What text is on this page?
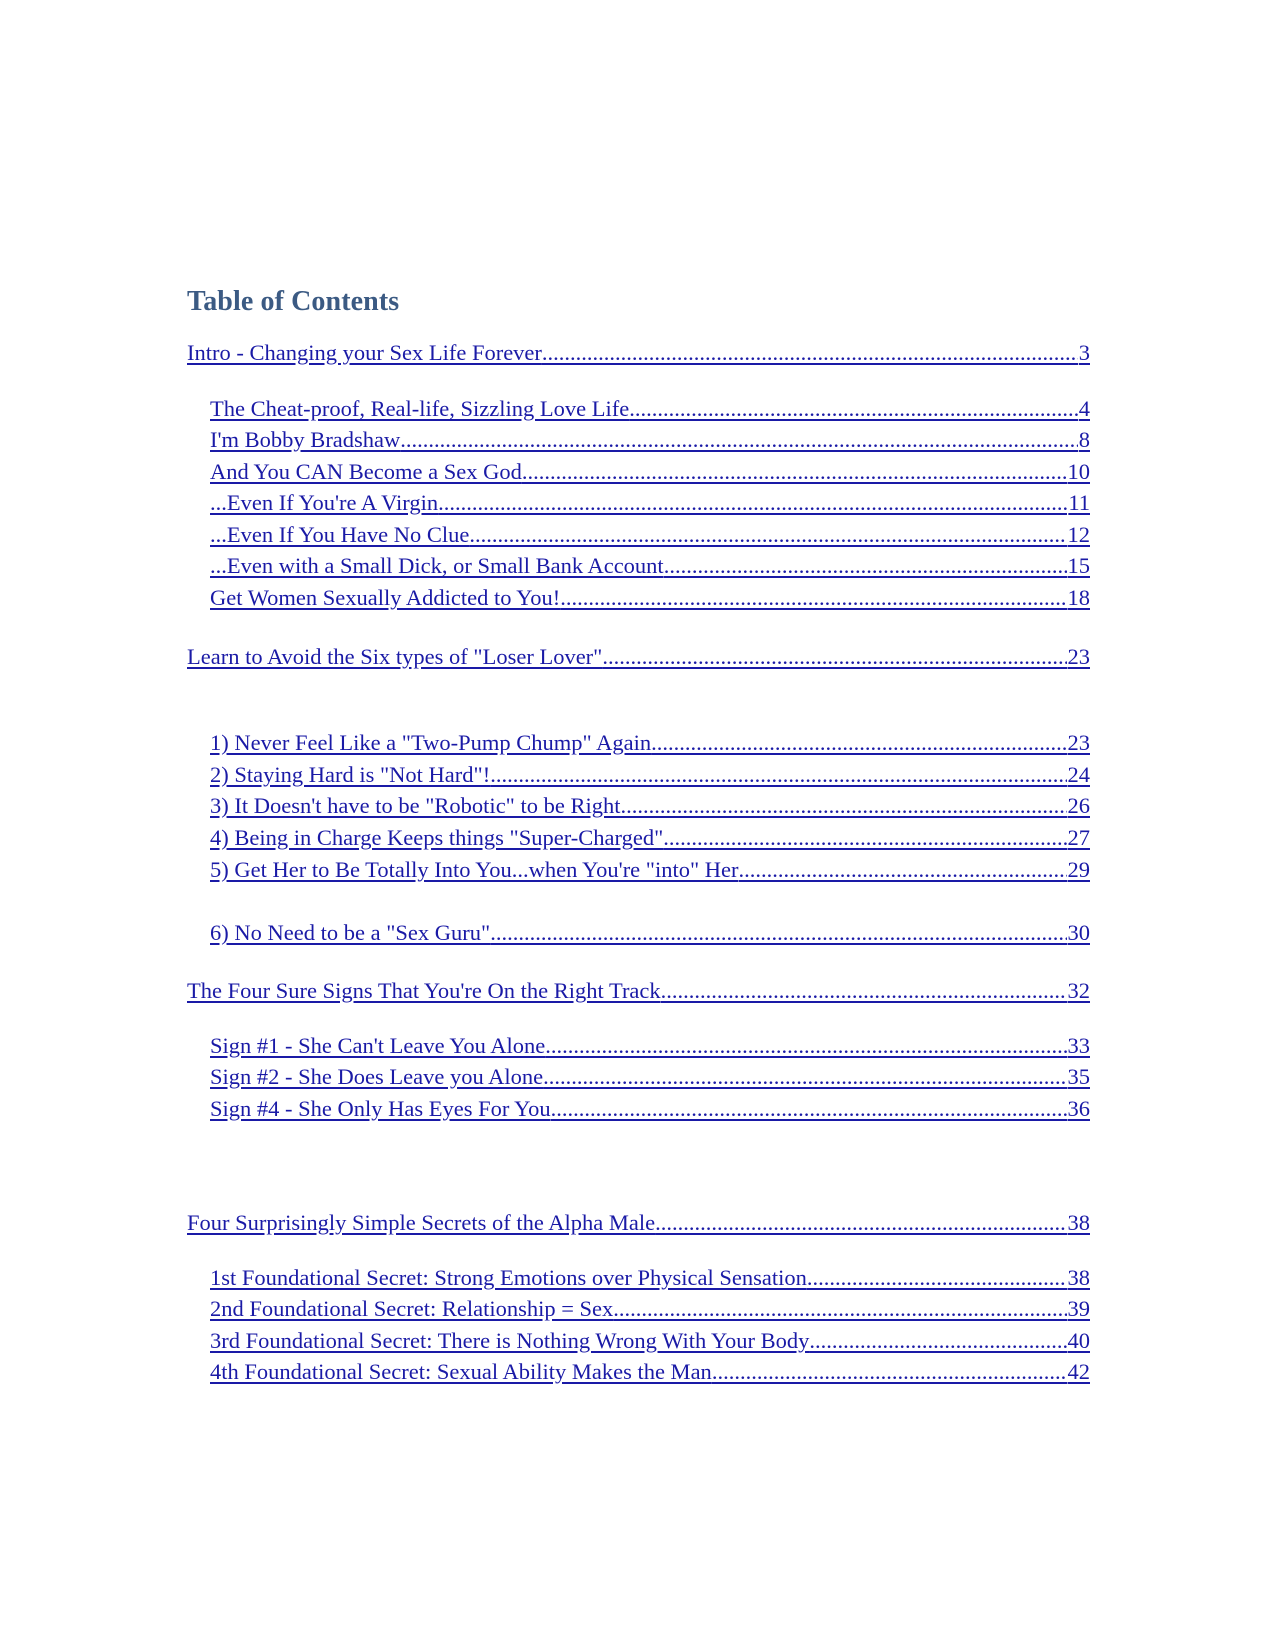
Table of Contents
Intro - Changing your Sex Life Forever .....	3
The Cheat-proof, Real-life, Sizzling Love Life .....	4
I'm Bobby Bradshaw .....	8
And You CAN Become a Sex God .....	10
...Even If You're A Virgin .....	11
...Even If You Have No Clue .....	12
...Even with a Small Dick, or Small Bank Account .....	15
Get Women Sexually Addicted to You! .....	18
Learn to Avoid the Six types of "Loser Lover" .....	23
1) Never Feel Like a "Two-Pump Chump" Again .....	23
2) Staying Hard is "Not Hard"! .....	24
3) It Doesn't have to be "Robotic" to be Right .....	26
4) Being in Charge Keeps things "Super-Charged" .....	27
5) Get Her to Be Totally Into You...when You're "into" Her .....	29
6) No Need to be a "Sex Guru" .....	30
The Four Sure Signs That You're On the Right Track .....	32
Sign #1 - She Can't Leave You Alone .....	33
Sign #2 - She Does Leave you Alone .....	35
Sign #4 - She Only Has Eyes For You .....	36
Four Surprisingly Simple Secrets of the Alpha Male .....	38
1st Foundational Secret: Strong Emotions over Physical Sensation .....	38
2nd Foundational Secret: Relationship = Sex .....	39
3rd Foundational Secret: There is Nothing Wrong With Your Body .....	40
4th Foundational Secret: Sexual Ability Makes the Man .....	42
